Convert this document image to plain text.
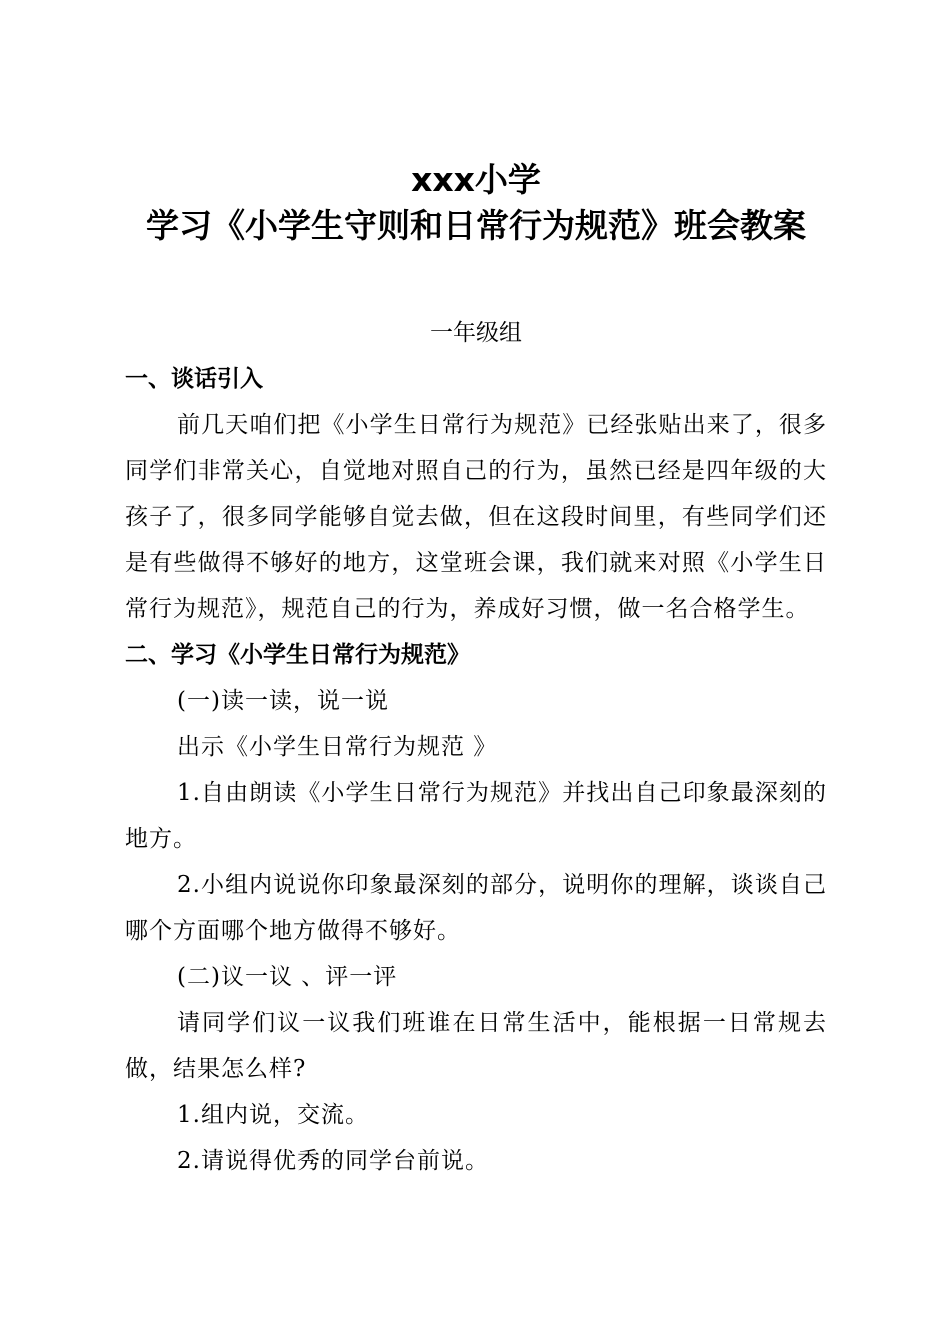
xxx小学
学习《小学生守则和日常行为规范》班会教案
一年级组
一、谈话引入

前几天咱们把《小学生日常行为规范》已经张贴出来了，很多同学们非常关心，自觉地对照自己的行为，虽然已经是四年级的大孩子了，很多同学能够自觉去做，但在这段时间里，有些同学们还是有些做得不够好的地方，这堂班会课，我们就来对照《小学生日常行为规范》，规范自己的行为，养成好习惯，做一名合格学生。

二、学习《小学生日常行为规范》

(一)读一读，说一说

出示《小学生日常行为规范 》

1.自由朗读《小学生日常行为规范》并找出自己印象最深刻的地方。

2.小组内说说你印象最深刻的部分，说明你的理解，谈谈自己哪个方面哪个地方做得不够好。

(二)议一议 、评一评

请同学们议一议我们班谁在日常生活中，能根据一日常规去做，结果怎么样?

1.组内说，交流。

2.请说得优秀的同学台前说。
